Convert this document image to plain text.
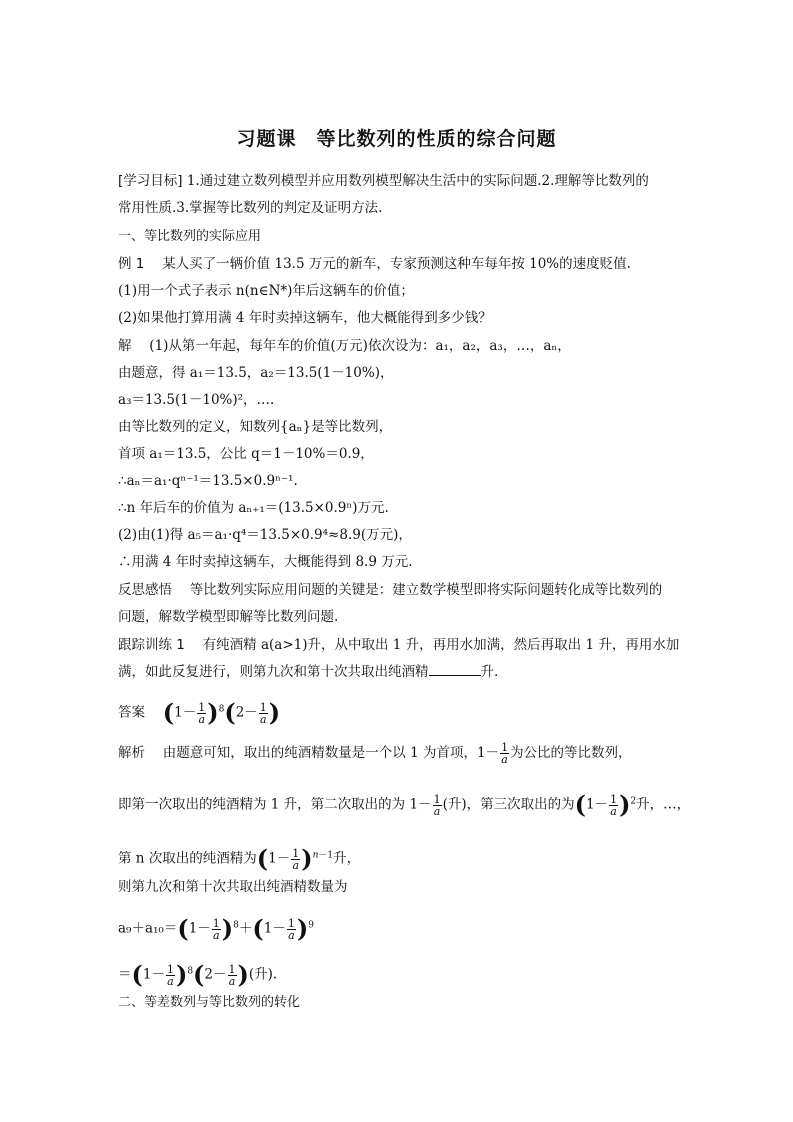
习题课　等比数列的性质的综合问题
[学习目标] 1.通过建立数列模型并应用数列模型解决生活中的实际问题.2.理解等比数列的
常用性质.3.掌握等比数列的判定及证明方法.
一、等比数列的实际应用
例 1　 某人买了一辆价值 13.5 万元的新车，专家预测这种车每年按 10%的速度贬值.
(1)用一个式子表示 n(n∈N*)年后这辆车的价值；
(2)如果他打算用满 4 年时卖掉这辆车，他大概能得到多少钱？
解　 (1)从第一年起，每年车的价值(万元)依次设为：a₁，a₂，a₃，…，aₙ，
由题意，得 a₁＝13.5，a₂＝13.5(1－10%)，
a₃＝13.5(1－10%)²，….
由等比数列的定义，知数列{aₙ}是等比数列，
首项 a₁＝13.5，公比 q＝1－10%＝0.9，
∴aₙ＝a₁·qⁿ⁻¹＝13.5×0.9ⁿ⁻¹.
∴n 年后车的价值为 aₙ₊₁＝(13.5×0.9ⁿ)万元.
(2)由(1)得 a₅＝a₁·q⁴＝13.5×0.9⁴≈8.9(万元)，
∴用满 4 年时卖掉这辆车，大概能得到 8.9 万元.
反思感悟　 等比数列实际应用问题的关键是：建立数学模型即将实际问题转化成等比数列的
问题，解数学模型即解等比数列问题.
跟踪训练 1　 有纯酒精 a(a>1)升，从中取出 1 升，再用水加满，然后再取出 1 升，再用水加
满，如此反复进行，则第九次和第十次共取出纯酒精	升.
答案　 $(1- \frac{1}{a} )^8(2- \frac{1}{a}$ )
解析　 由题意可知，取出的纯酒精数量是一个以 1 为首项，$1- \frac{1}{a}$ 为公比的等比数列，
即第一次取出的纯酒精为 1 升，第二次取出的为 $1- \frac{1}{a}$ (升)，第三次取出的为$(1- \frac{1}{a} )^2$升，…，
第 n 次取出的纯酒精为$(1- \frac{1}{a} )^{n-1}$升，
则第九次和第十次共取出纯酒精数量为
$a_9+a_{10}=(1- \frac{1}{a} )^8+(1- \frac{1}{a} )^9$
$=(1- \frac{1}{a} )^8(2- \frac{1}{a}$ )(升).
二、等差数列与等比数列的转化
